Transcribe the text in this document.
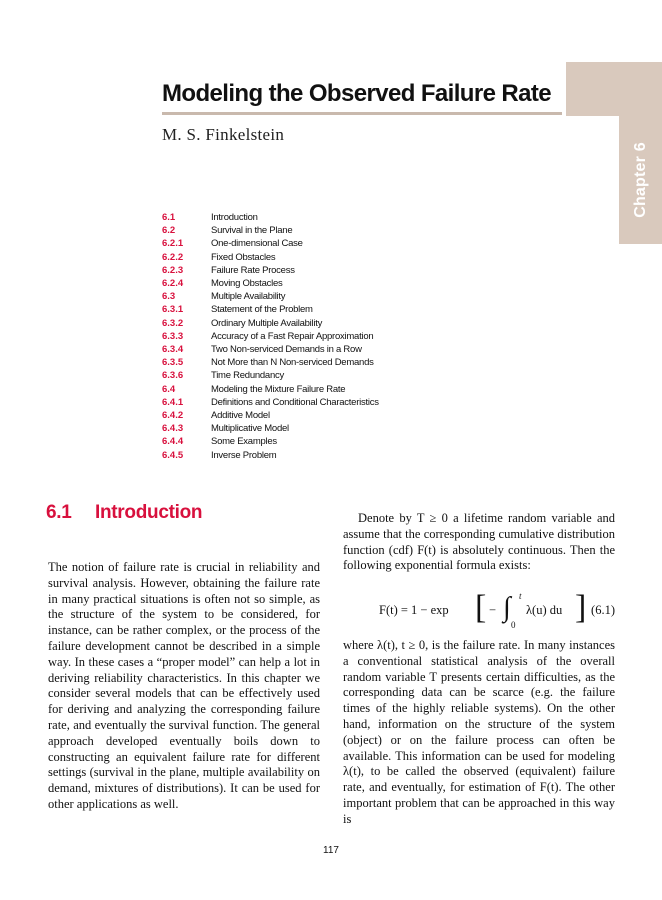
Chapter 6
Modeling the Observed Failure Rate
M. S. Finkelstein
6.1	Introduction
6.2	Survival in the Plane
6.2.1	One-dimensional Case
6.2.2	Fixed Obstacles
6.2.3	Failure Rate Process
6.2.4	Moving Obstacles
6.3	Multiple Availability
6.3.1	Statement of the Problem
6.3.2	Ordinary Multiple Availability
6.3.3	Accuracy of a Fast Repair Approximation
6.3.4	Two Non-serviced Demands in a Row
6.3.5	Not More than N Non-serviced Demands
6.3.6	Time Redundancy
6.4	Modeling the Mixture Failure Rate
6.4.1	Definitions and Conditional Characteristics
6.4.2	Additive Model
6.4.3	Multiplicative Model
6.4.4	Some Examples
6.4.5	Inverse Problem
6.1 Introduction

The notion of failure rate is crucial in reliability and survival analysis. However, obtaining the failure rate in many practical situations is often not so simple, as the structure of the system to be considered, for instance, can be rather complex, or the process of the failure development cannot be described in a simple way. In these cases a “proper model” can help a lot in deriving reliability characteristics. In this chapter we consider several models that can be effectively used for deriving and analyzing the corresponding failure rate, and eventually the survival function. The general approach developed eventually boils down to constructing an equivalent failure rate for different settings (survival in the plane, multiple availability on demand, mixtures of distributions). It can be used for other applications as well.

Denote by T ≥ 0 a lifetime random variable and assume that the corresponding cumulative distribution function (cdf) F(t) is absolutely continuous. Then the following exponential formula exists:

F(t) = 1 − exp [ − ∫ t
0
λ(u) du ] (6.1)

where λ(t), t ≥ 0, is the failure rate. In many instances a conventional statistical analysis of the overall random variable T presents certain difficulties, as the corresponding data can be scarce (e.g. the failure times of the highly reliable systems). On the other hand, information on the structure of the system (object) or on the failure process can often be available. This information can be used for modeling λ(t), to be called the observed (equivalent) failure rate, and eventually, for estimation of F(t). The other important problem that can be approached in this way is

117
